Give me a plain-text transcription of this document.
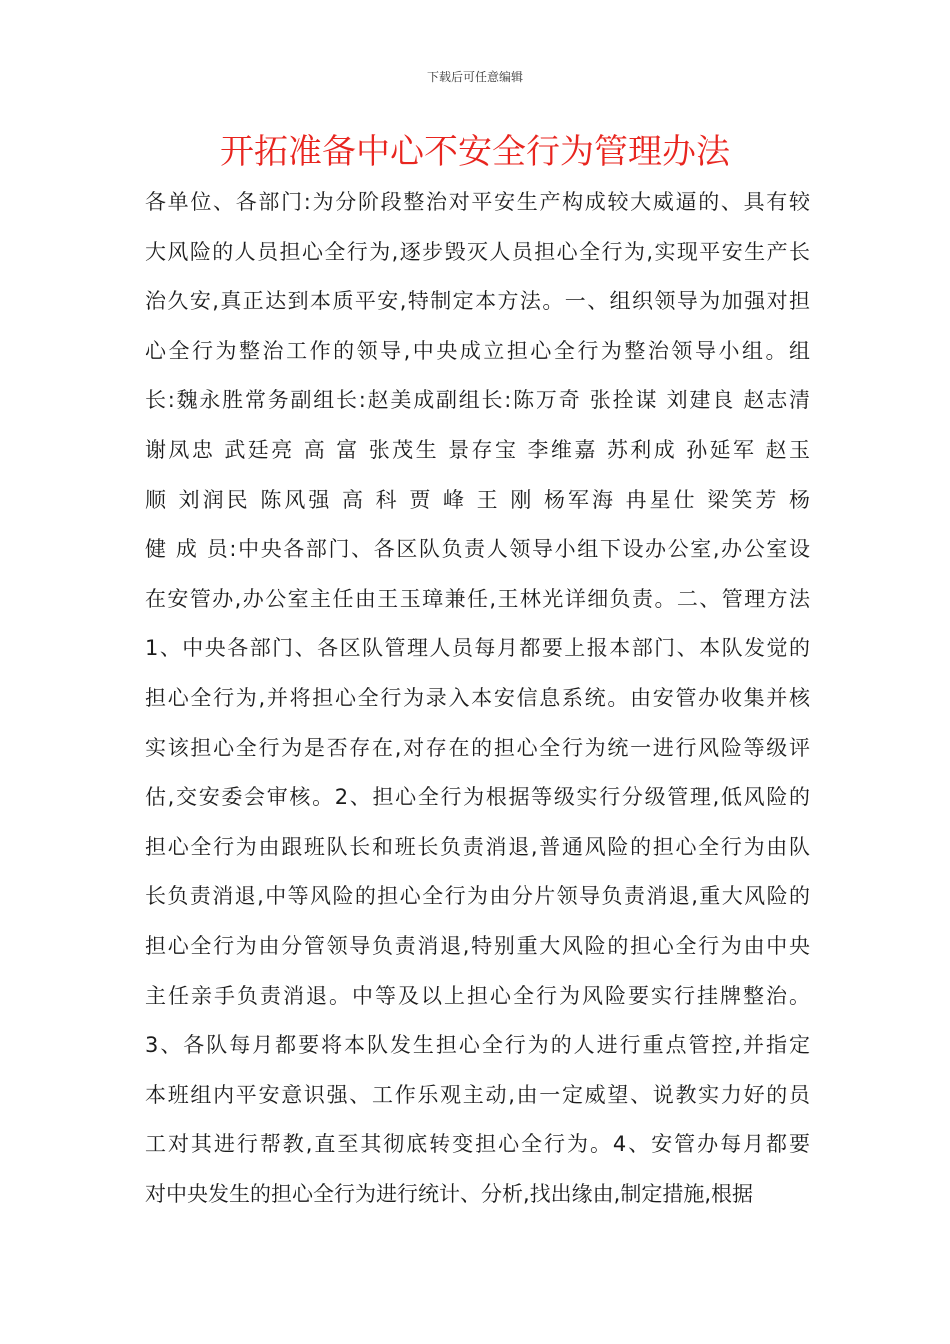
下载后可任意编辑
开拓准备中心不安全行为管理办法
各单位、各部门:为分阶段整治对平安生产构成较大威逼的、具有较
大风险的人员担心全行为,逐步毁灭人员担心全行为,实现平安生产长
治久安,真正达到本质平安,特制定本方法。一、组织领导为加强对担
心全行为整治工作的领导,中央成立担心全行为整治领导小组。组
长:魏永胜常务副组长:赵美成副组长:陈万奇 张拴谋 刘建良 赵志清
谢凤忠 武廷亮 高 富 张茂生 景存宝 李维嘉 苏利成 孙延军 赵玉
顺 刘润民 陈风强 高 科 贾 峰 王 刚 杨军海 冉星仕 梁笑芳 杨
健 成 员:中央各部门、各区队负责人领导小组下设办公室,办公室设
在安管办,办公室主任由王玉璋兼任,王林光详细负责。二、管理方法
1、中央各部门、各区队管理人员每月都要上报本部门、本队发觉的
担心全行为,并将担心全行为录入本安信息系统。由安管办收集并核
实该担心全行为是否存在,对存在的担心全行为统一进行风险等级评
估,交安委会审核。2、担心全行为根据等级实行分级管理,低风险的
担心全行为由跟班队长和班长负责消退,普通风险的担心全行为由队
长负责消退,中等风险的担心全行为由分片领导负责消退,重大风险的
担心全行为由分管领导负责消退,特别重大风险的担心全行为由中央
主任亲手负责消退。中等及以上担心全行为风险要实行挂牌整治。
3、各队每月都要将本队发生担心全行为的人进行重点管控,并指定
本班组内平安意识强、工作乐观主动,由一定威望、说教实力好的员
工对其进行帮教,直至其彻底转变担心全行为。4、安管办每月都要
对中央发生的担心全行为进行统计、分析,找出缘由,制定措施,根据
